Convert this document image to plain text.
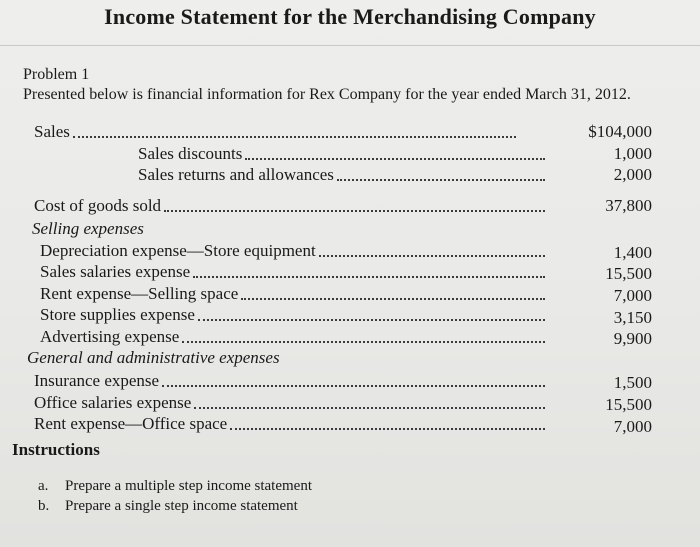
Income Statement for the Merchandising Company
Problem 1
Presented below is financial information for Rex Company for the year ended March 31, 2012.
Sales	$104,000
Sales discounts	1,000
Sales returns and allowances	2,000
Cost of goods sold	37,800
Selling expenses
Depreciation expense—Store equipment	1,400
Sales salaries expense	15,500
Rent expense—Selling space	7,000
Store supplies expense	3,150
Advertising expense	9,900
General and administrative expenses
Insurance expense	1,500
Office salaries expense	15,500
Rent expense—Office space	7,000
Instructions
a. Prepare a multiple step income statement
b. Prepare a single step income statement
